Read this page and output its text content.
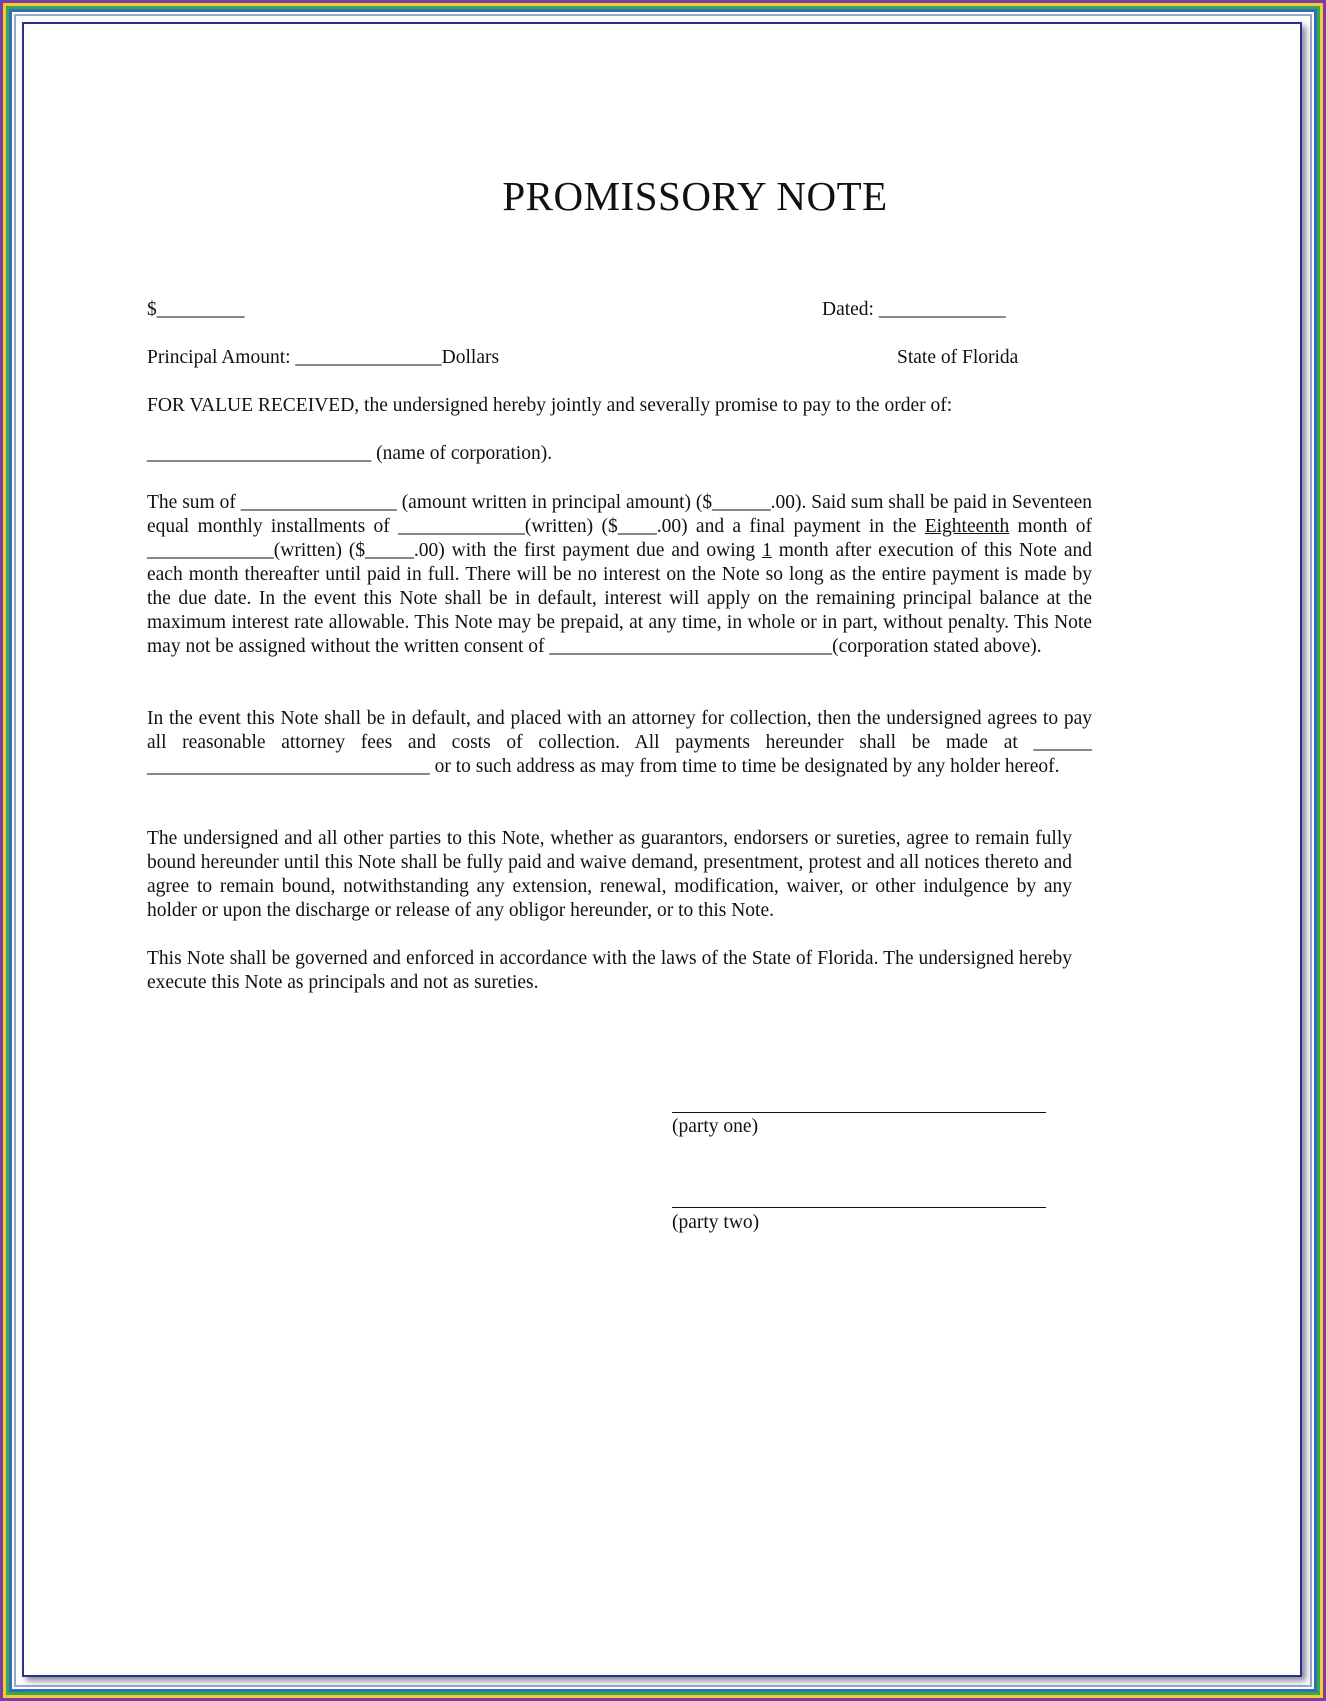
PROMISSORY NOTE
$_________	Dated: _____________
Principal Amount: _______________Dollars	State of Florida
FOR VALUE RECEIVED, the undersigned hereby jointly and severally promise to pay to the order of:
_______________________ (name of corporation).
The sum of ________________ (amount written in principal amount) ($______.00). Said sum shall be paid in Seventeen equal monthly installments of _____________(written) ($____.00) and a final payment in the Eighteenth month of _____________(written) ($_____.00) with the first payment due and owing 1 month after execution of this Note and each month thereafter until paid in full. There will be no interest on the Note so long as the entire payment is made by the due date. In the event this Note shall be in default, interest will apply on the remaining principal balance at the maximum interest rate allowable. This Note may be prepaid, at any time, in whole or in part, without penalty. This Note may not be assigned without the written consent of _____________________________(corporation stated above).
In the event this Note shall be in default, and placed with an attorney for collection, then the undersigned agrees to pay all reasonable attorney fees and costs of collection. All payments hereunder shall be made at ______ _____________________________ or to such address as may from time to time be designated by any holder hereof.
The undersigned and all other parties to this Note, whether as guarantors, endorsers or sureties, agree to remain fully bound hereunder until this Note shall be fully paid and waive demand, presentment, protest and all notices thereto and agree to remain bound, notwithstanding any extension, renewal, modification, waiver, or other indulgence by any holder or upon the discharge or release of any obligor hereunder, or to this Note.
This Note shall be governed and enforced in accordance with the laws of the State of Florida. The undersigned hereby execute this Note as principals and not as sureties.
(party one)
(party two)
